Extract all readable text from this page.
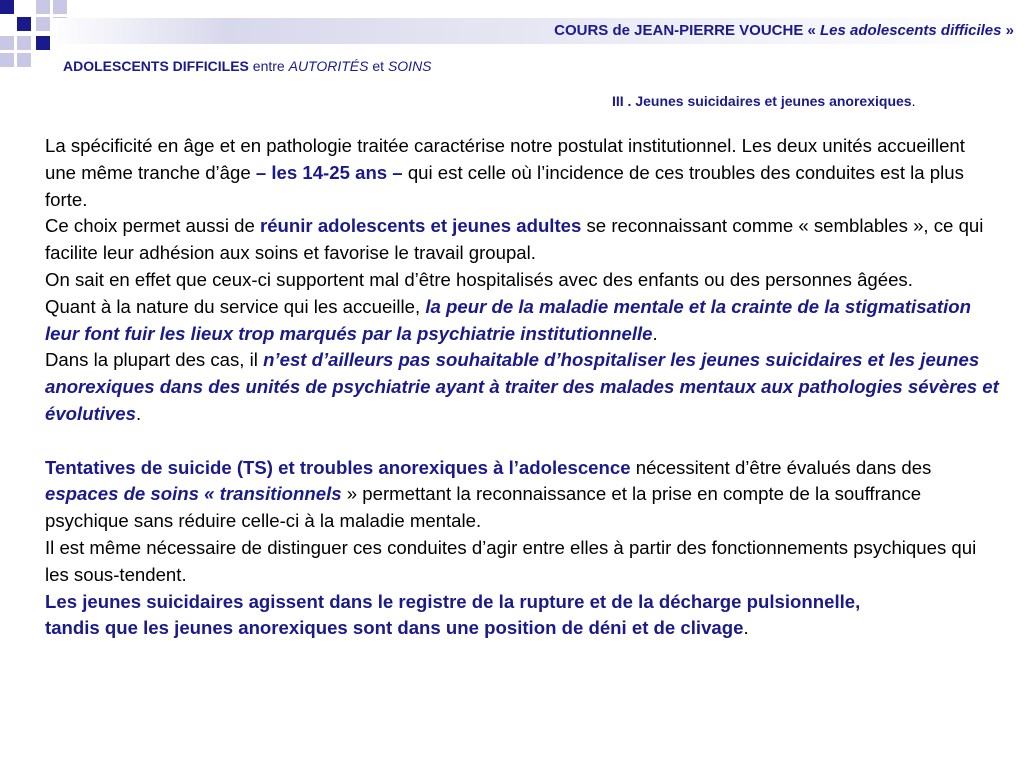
COURS de JEAN-PIERRE VOUCHE « Les adolescents difficiles »
ADOLESCENTS DIFFICILES entre AUTORITÉS et SOINS
III . Jeunes suicidaires et jeunes anorexiques.

La spécificité en âge et en pathologie traitée caractérise notre postulat institutionnel. Les deux unités accueillent une même tranche d’âge – les 14-25 ans – qui est celle où l’incidence de ces troubles des conduites est la plus forte.

Ce choix permet aussi de réunir adolescents et jeunes adultes se reconnaissant comme « semblables », ce qui facilite leur adhésion aux soins et favorise le travail groupal.

On sait en effet que ceux-ci supportent mal d’être hospitalisés avec des enfants ou des personnes âgées.

Quant à la nature du service qui les accueille, la peur de la maladie mentale et la crainte de la stigmatisation leur font fuir les lieux trop marqués par la psychiatrie institutionnelle.

Dans la plupart des cas, il n’est d’ailleurs pas souhaitable d’hospitaliser les jeunes suicidaires et les jeunes anorexiques dans des unités de psychiatrie ayant à traiter des malades mentaux aux pathologies sévères et évolutives.

Tentatives de suicide (TS) et troubles anorexiques à l’adolescence nécessitent d’être évalués dans des espaces de soins « transitionnels » permettant la reconnaissance et la prise en compte de la souffrance psychique sans réduire celle-ci à la maladie mentale.

Il est même nécessaire de distinguer ces conduites d’agir entre elles à partir des fonctionnements psychiques qui les sous-tendent.

Les jeunes suicidaires agissent dans le registre de la rupture et de la décharge pulsionnelle,

tandis que les jeunes anorexiques sont dans une position de déni et de clivage.
